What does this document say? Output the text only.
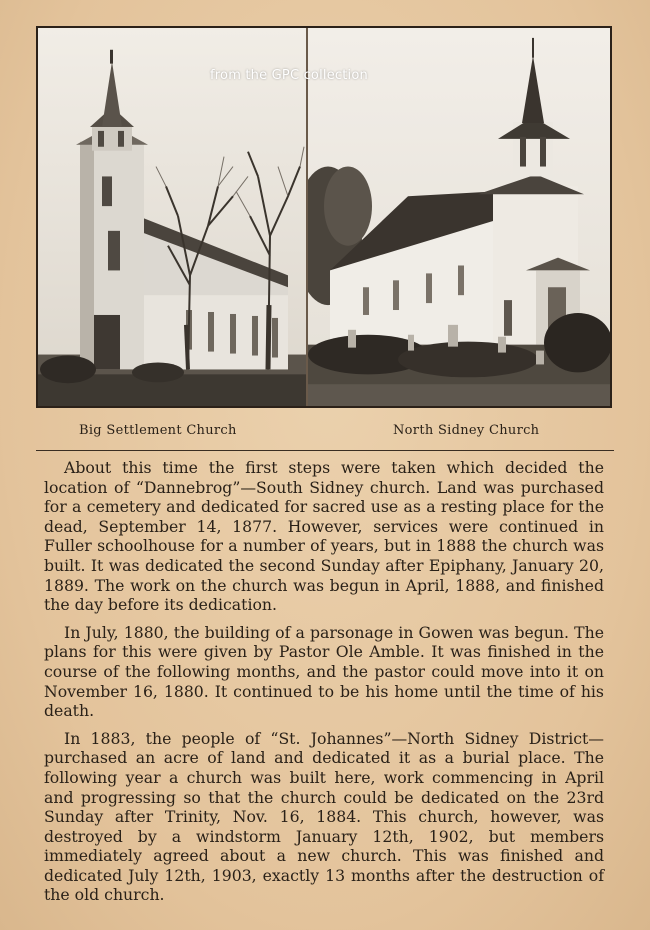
from the GPC collection
Big Settlement Church	North Sidney Church

About this time the first steps were taken which decided the location of “Dannebrog”—South Sidney church. Land was purchased for a cemetery and dedicated for sacred use as a resting place for the dead, September 14, 1877. However, services were continued in Fuller schoolhouse for a number of years, but in 1888 the church was built. It was dedicated the second Sunday after Epiphany, January 20, 1889. The work on the church was begun in April, 1888, and finished the day before its dedication.

In July, 1880, the building of a parsonage in Gowen was begun. The plans for this were given by Pastor Ole Amble. It was finished in the course of the following months, and the pastor could move into it on November 16, 1880. It continued to be his home until the time of his death.

In 1883, the people of “St. Johannes”—North Sidney District—purchased an acre of land and dedicated it as a burial place. The following year a church was built here, work commencing in April and progressing so that the church could be dedicated on the 23rd Sunday after Trinity, Nov. 16, 1884. This church, however, was destroyed by a windstorm January 12th, 1902, but members immediately agreed about a new church. This was finished and dedicated July 12th, 1903, exactly 13 months after the destruction of the old church.
